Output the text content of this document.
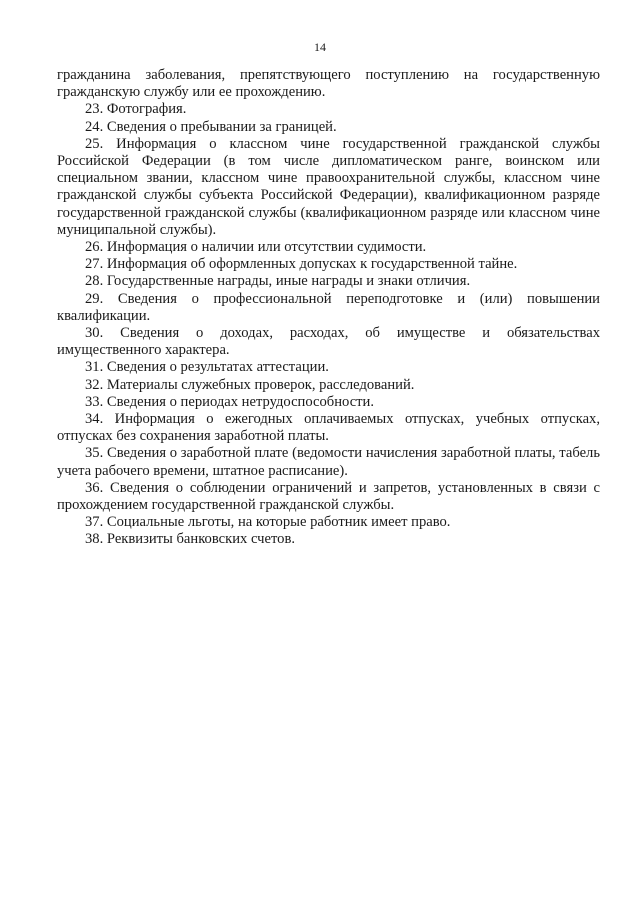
14

гражданина заболевания, препятствующего поступлению на государственную гражданскую службу или ее прохождению.

23. Фотография.

24. Сведения о пребывании за границей.

25. Информация о классном чине государственной гражданской службы Российской Федерации (в том числе дипломатическом ранге, воинском или специальном звании, классном чине правоохранительной службы, классном чине гражданской службы субъекта Российской Федерации), квалификационном разряде государственной гражданской службы (квалификационном разряде или классном чине муниципальной службы).

26. Информация о наличии или отсутствии судимости.

27. Информация об оформленных допусках к государственной тайне.

28. Государственные награды, иные награды и знаки отличия.

29. Сведения о профессиональной переподготовке и (или) повышении квалификации.

30. Сведения о доходах, расходах, об имуществе и обязательствах имущественного характера.

31. Сведения о результатах аттестации.

32. Материалы служебных проверок, расследований.

33. Сведения о периодах нетрудоспособности.

34. Информация о ежегодных оплачиваемых отпусках, учебных отпусках, отпусках без сохранения заработной платы.

35. Сведения о заработной плате (ведомости начисления заработной платы, табель учета рабочего времени, штатное расписание).

36. Сведения о соблюдении ограничений и запретов, установленных в связи с прохождением государственной гражданской службы.

37. Социальные льготы, на которые работник имеет право.

38. Реквизиты банковских счетов.
